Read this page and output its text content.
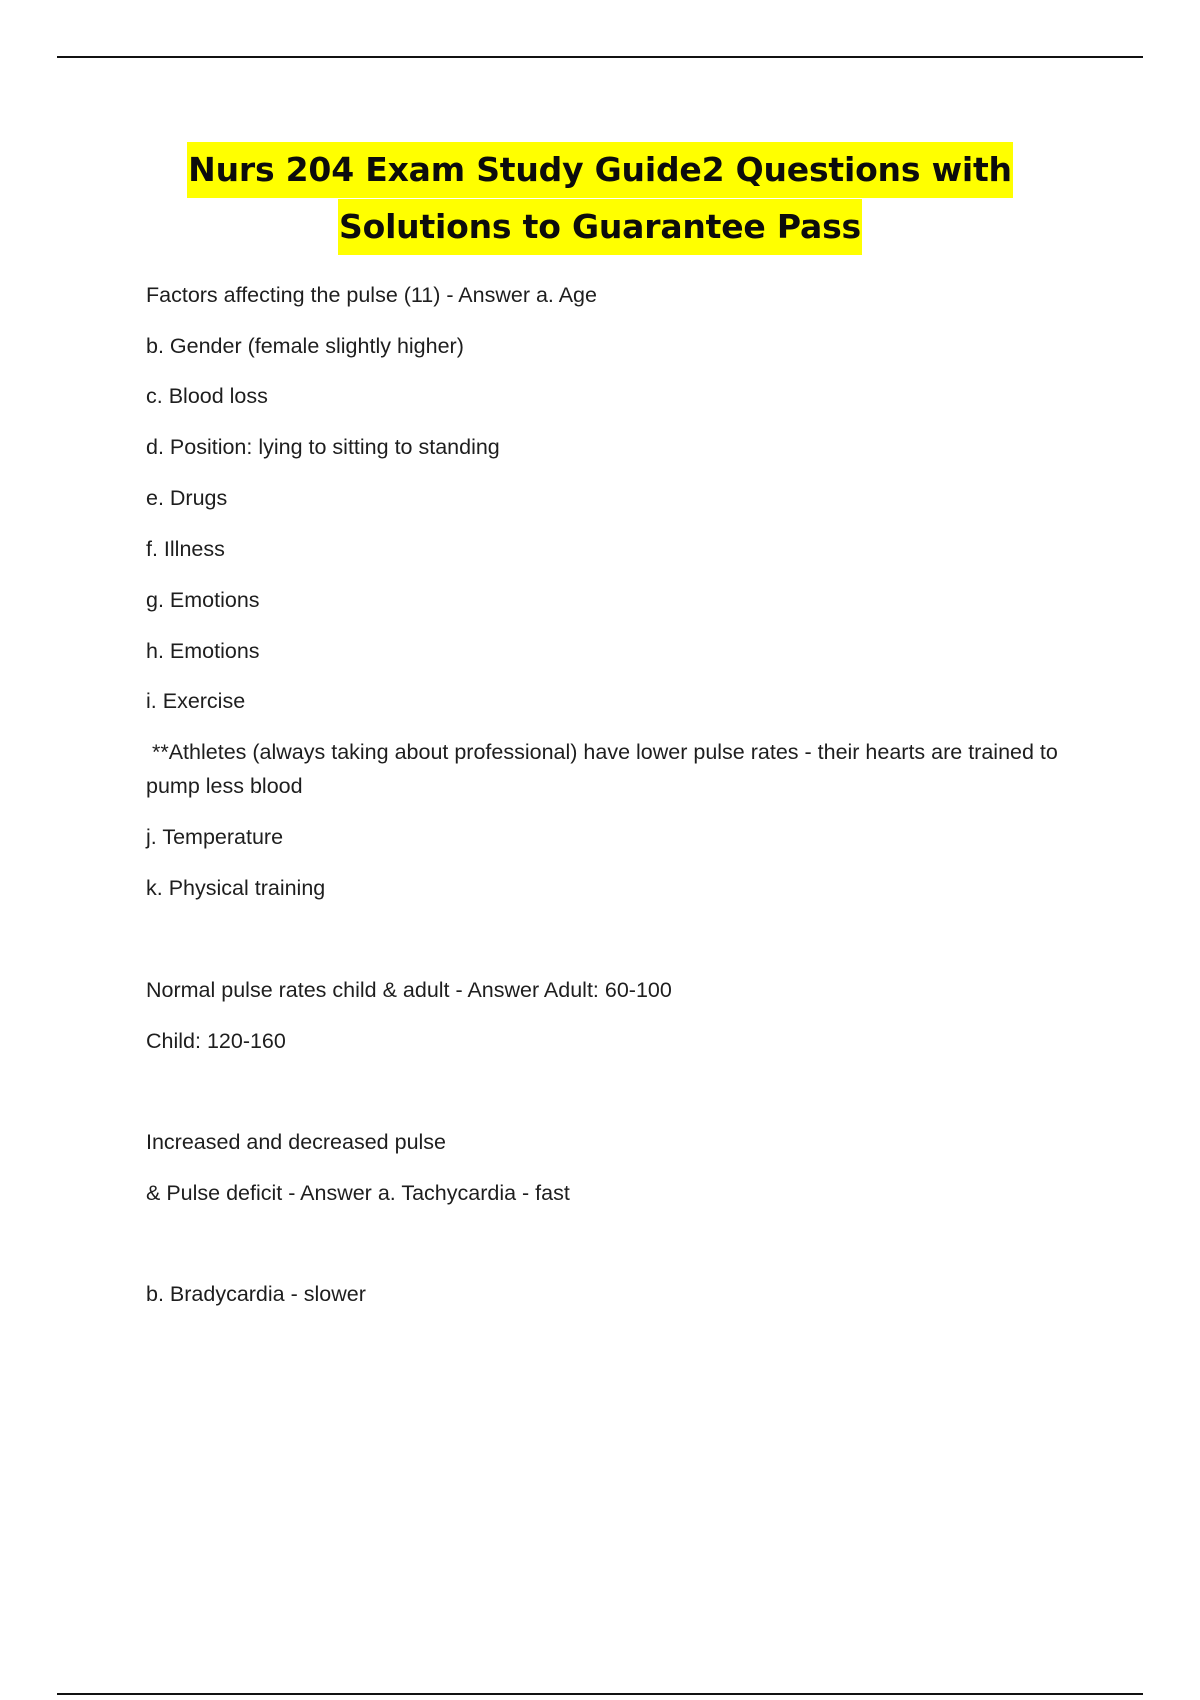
Nurs 204 Exam Study Guide2 Questions with
Solutions to Guarantee Pass
Factors affecting the pulse (11) - Answer a. Age
b. Gender (female slightly higher)
c. Blood loss
d. Position: lying to sitting to standing
e. Drugs
f. Illness
g. Emotions
h. Emotions
i. Exercise
**Athletes (always taking about professional) have lower pulse rates - their hearts are trained to pump less blood
j. Temperature
k. Physical training
Normal pulse rates child & adult - Answer Adult: 60-100
Child: 120-160
Increased and decreased pulse
& Pulse deficit - Answer a. Tachycardia - fast
b. Bradycardia - slower
